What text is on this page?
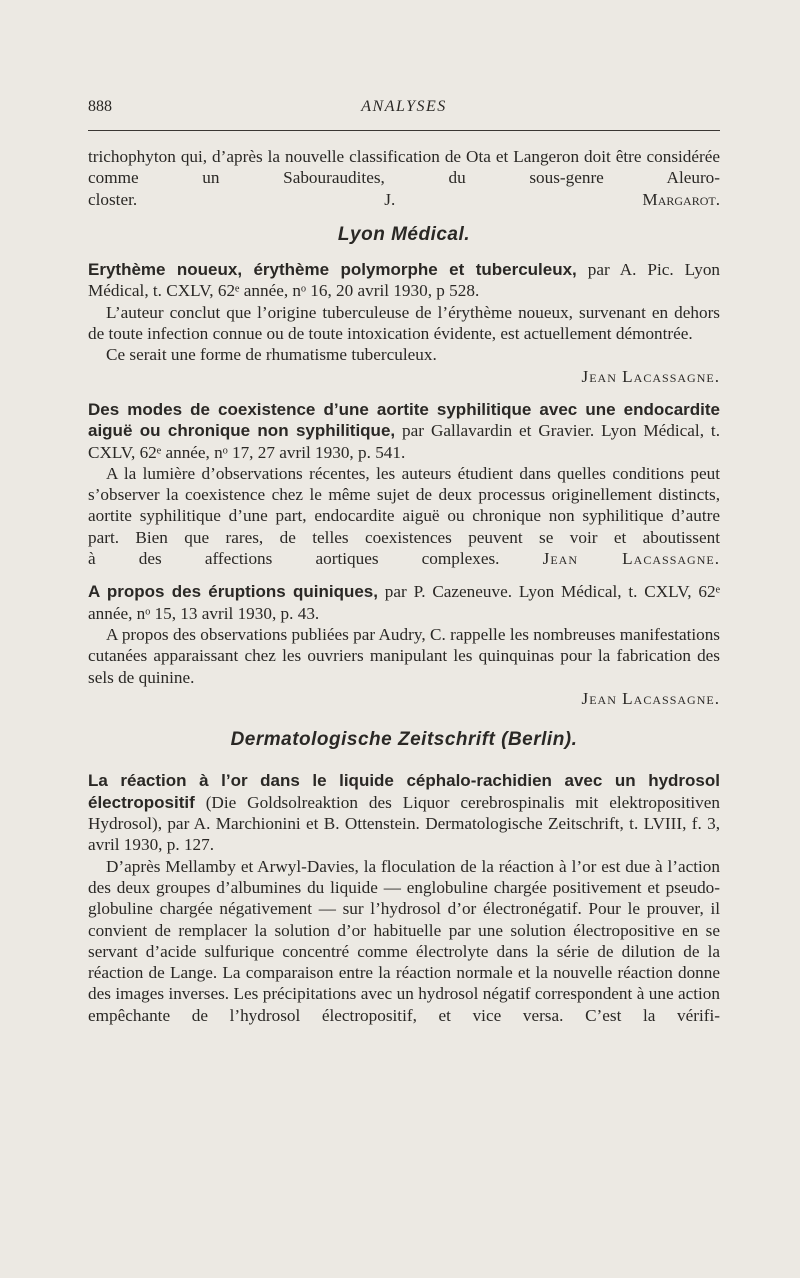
888	ANALYSES

trichophyton qui, d’après la nouvelle classification de Ota et Langeron doit être considérée comme un Sabouraudites, du sous-genre Aleuro-

closter.	J. Margarot.

Lyon Médical.

Erythème noueux, érythème polymorphe et tuberculeux, par A. Pic. Lyon Médical, t. CXLV, 62ᵉ année, nᵒ 16, 20 avril 1930, p 528.

L’auteur conclut que l’origine tuberculeuse de l’érythème noueux, survenant en dehors de toute infection connue ou de toute intoxication évidente, est actuellement démontrée.

Ce serait une forme de rhumatisme tuberculeux.

Jean Lacassagne.

Des modes de coexistence d’une aortite syphilitique avec une endocardite aiguë ou chronique non syphilitique, par Gallavardin et Gravier. Lyon Médical, t. CXLV, 62ᵉ année, nᵒ 17, 27 avril 1930, p. 541.

A la lumière d’observations récentes, les auteurs étudient dans quelles conditions peut s’observer la coexistence chez le même sujet de deux processus originellement distincts, aortite syphilitique d’une part, endocardite aiguë ou chronique non syphilitique d’autre part. Bien que rares, de telles coexistences peuvent se voir et aboutissent

à des affections aortiques complexes.	Jean Lacassagne.

A propos des éruptions quiniques, par P. Cazeneuve. Lyon Médical, t. CXLV, 62ᵉ année, nᵒ 15, 13 avril 1930, p. 43.

A propos des observations publiées par Audry, C. rappelle les nombreuses manifestations cutanées apparaissant chez les ouvriers manipulant les quinquinas pour la fabrication des sels de quinine.

Jean Lacassagne.

Dermatologische Zeitschrift (Berlin).

La réaction à l’or dans le liquide céphalo-rachidien avec un hydrosol électropositif (Die Goldsolreaktion des Liquor cerebrospinalis mit elektropositiven Hydrosol), par A. Marchionini et B. Ottenstein. Dermatologische Zeitschrift, t. LVIII, f. 3, avril 1930, p. 127.

D’après Mellamby et Arwyl-Davies, la floculation de la réaction à l’or est due à l’action des deux groupes d’albumines du liquide — englobuline chargée positivement et pseudo-globuline chargée négativement — sur l’hydrosol d’or électronégatif. Pour le prouver, il convient de remplacer la solution d’or habituelle par une solution électropositive en se servant d’acide sulfurique concentré comme électrolyte dans la série de dilution de la réaction de Lange. La comparaison entre la réaction normale et la nouvelle réaction donne des images inverses. Les précipitations avec un hydrosol négatif correspondent à une action empêchante de l’hydrosol électropositif, et vice versa. C’est la vérifi-
